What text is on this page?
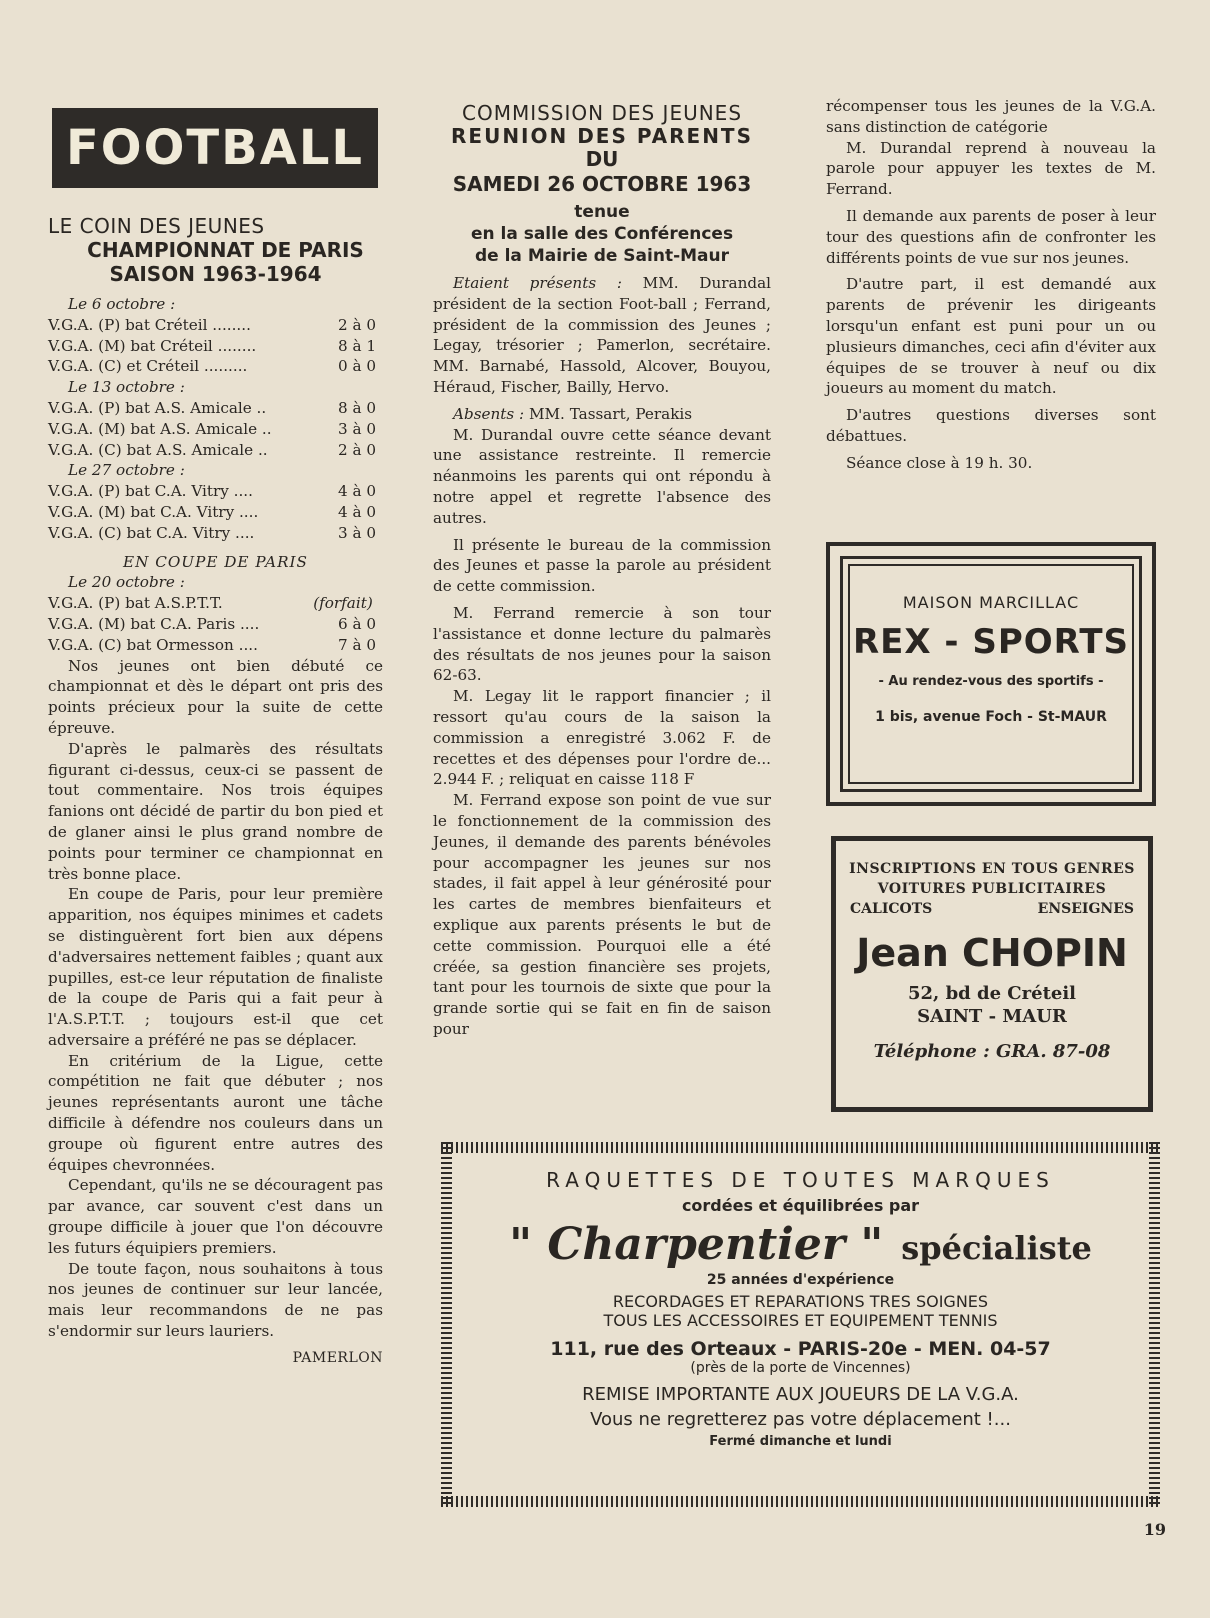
FOOTBALL
LE COIN DES JEUNES
CHAMPIONNAT DE PARIS
SAISON 1963-1964
Le 6 octobre :
V.G.A. (P) bat Créteil ........	2 à 0
V.G.A. (M) bat Créteil ........	8 à 1
V.G.A. (C) et Créteil .........	0 à 0
Le 13 octobre :
V.G.A. (P) bat A.S. Amicale ..	8 à 0
V.G.A. (M) bat A.S. Amicale ..	3 à 0
V.G.A. (C) bat A.S. Amicale ..	2 à 0
Le 27 octobre :
V.G.A. (P) bat C.A. Vitry ....	4 à 0
V.G.A. (M) bat C.A. Vitry ....	4 à 0
V.G.A. (C) bat C.A. Vitry ....	3 à 0
EN COUPE DE PARIS
Le 20 octobre :
V.G.A. (P) bat A.S.P.T.T.	(forfait)
V.G.A. (M) bat C.A. Paris ....	6 à 0
V.G.A. (C) bat Ormesson ....	7 à 0

Nos jeunes ont bien débuté ce championnat et dès le départ ont pris des points précieux pour la suite de cette épreuve.

D'après le palmarès des résultats figurant ci-dessus, ceux-ci se passent de tout commentaire. Nos trois équipes fanions ont décidé de partir du bon pied et de glaner ainsi le plus grand nombre de points pour terminer ce championnat en très bonne place.

En coupe de Paris, pour leur première apparition, nos équipes minimes et cadets se distinguèrent fort bien aux dépens d'adversaires nettement faibles ; quant aux pupilles, est-ce leur réputation de finaliste de la coupe de Paris qui a fait peur à l'A.S.P.T.T. ; toujours est-il que cet adversaire a préféré ne pas se déplacer.

En critérium de la Ligue, cette compétition ne fait que débuter ; nos jeunes représentants auront une tâche difficile à défendre nos couleurs dans un groupe où figurent entre autres des équipes chevronnées.

Cependant, qu'ils ne se découragent pas par avance, car souvent c'est dans un groupe difficile à jouer que l'on découvre les futurs équipiers premiers.

De toute façon, nous souhaitons à tous nos jeunes de continuer sur leur lancée, mais leur recommandons de ne pas s'endormir sur leurs lauriers.

PAMERLON
COMMISSION DES JEUNES
REUNION DES PARENTS
DU
SAMEDI 26 OCTOBRE 1963
tenue
en la salle des Conférences
de la Mairie de Saint-Maur

Etaient présents : MM. Durandal président de la section Foot-ball ; Ferrand, président de la commission des Jeunes ; Legay, trésorier ; Pamerlon, secrétaire. MM. Barnabé, Hassold, Alcover, Bouyou, Héraud, Fischer, Bailly, Hervo.

Absents : MM. Tassart, Perakis

M. Durandal ouvre cette séance devant une assistance restreinte. Il remercie néanmoins les parents qui ont répondu à notre appel et regrette l'absence des autres.

Il présente le bureau de la commission des Jeunes et passe la parole au président de cette commission.

M. Ferrand remercie à son tour l'assistance et donne lecture du palmarès des résultats de nos jeunes pour la saison 62-63.

M. Legay lit le rapport financier ; il ressort qu'au cours de la saison la commission a enregistré 3.062 F. de recettes et des dépenses pour l'ordre de... 2.944 F. ; reliquat en caisse 118 F

M. Ferrand expose son point de vue sur le fonctionnement de la commission des Jeunes, il demande des parents bénévoles pour accompagner les jeunes sur nos stades, il fait appel à leur générosité pour les cartes de membres bienfaiteurs et explique aux parents présents le but de cette commission. Pourquoi elle a été créée, sa gestion financière ses projets, tant pour les tournois de sixte que pour la grande sortie qui se fait en fin de saison pour

récompenser tous les jeunes de la V.G.A. sans distinction de catégorie

M. Durandal reprend à nouveau la parole pour appuyer les textes de M. Ferrand.

Il demande aux parents de poser à leur tour des questions afin de confronter les différents points de vue sur nos jeunes.

D'autre part, il est demandé aux parents de prévenir les dirigeants lorsqu'un enfant est puni pour un ou plusieurs dimanches, ceci afin d'éviter aux équipes de se trouver à neuf ou dix joueurs au moment du match.

D'autres questions diverses sont débattues.

Séance close à 19 h. 30.

MAISON MARCILLAC
REX - SPORTS
- Au rendez-vous des sportifs -
1 bis, avenue Foch - St-MAUR
INSCRIPTIONS EN TOUS GENRES
VOITURES PUBLICITAIRES
CALICOTS	ENSEIGNES
Jean CHOPIN
52, bd de Créteil
SAINT - MAUR
Téléphone : GRA. 87-08
RAQUETTES DE TOUTES MARQUES
cordées et équilibrées par
" Charpentier " spécialiste
25 années d'expérience
RECORDAGES ET REPARATIONS TRES SOIGNES
TOUS LES ACCESSOIRES ET EQUIPEMENT TENNIS
111, rue des Orteaux - PARIS-20e - MEN. 04-57
(près de la porte de Vincennes)
REMISE IMPORTANTE AUX JOUEURS DE LA V.G.A.
Vous ne regretterez pas votre déplacement !...
Fermé dimanche et lundi
19
